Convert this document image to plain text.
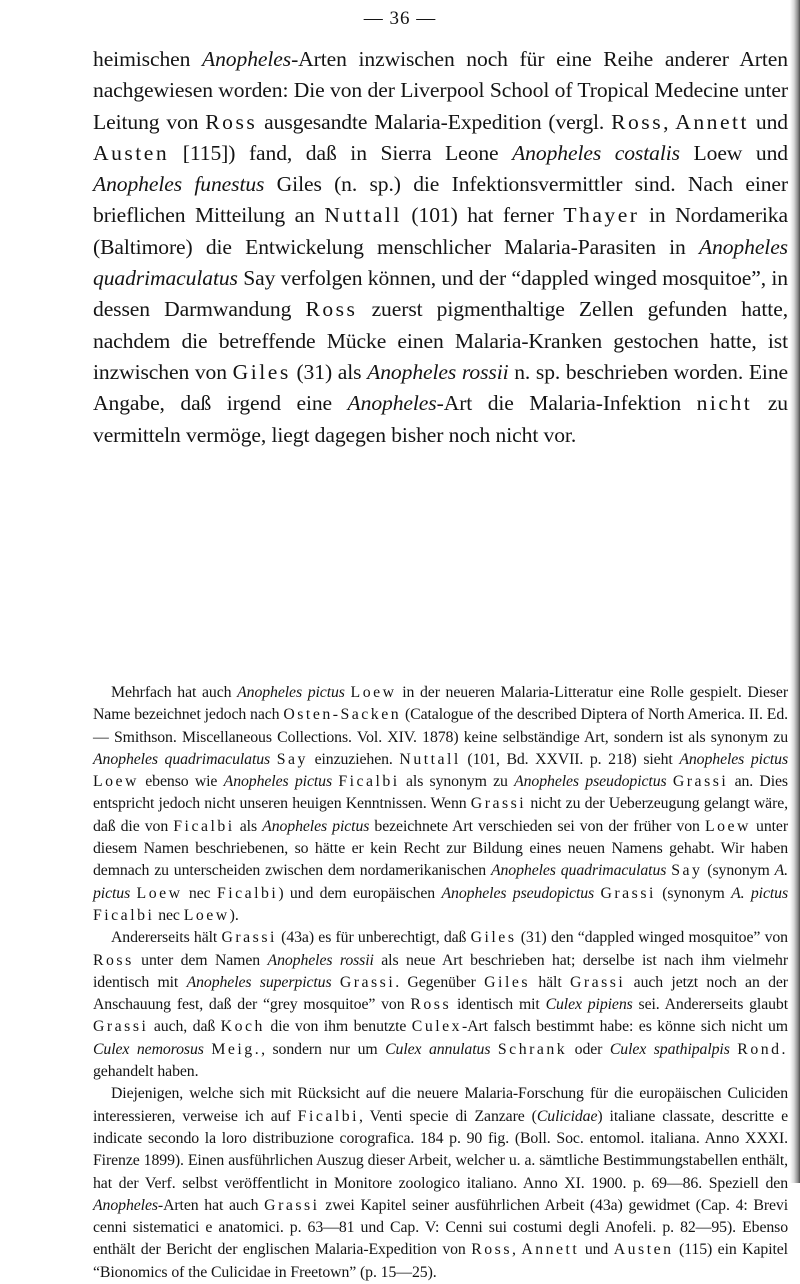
— 36 —

heimischen Anopheles-Arten inzwischen noch für eine Reihe anderer Arten nachgewiesen worden: Die von der Liverpool School of Tropical Medecine unter Leitung von Ross ausgesandte Malaria-Expedition (vergl. Ross, Annett und Austen [115]) fand, daß in Sierra Leone Anopheles costalis Loew und Anopheles funestus Giles (n. sp.) die Infektionsvermittler sind. Nach einer brieflichen Mitteilung an Nuttall (101) hat ferner Thayer in Nordamerika (Baltimore) die Entwickelung menschlicher Malaria-Parasiten in Anopheles quadrimaculatus Say verfolgen können, und der “dappled winged mosquitoe”, in dessen Darmwandung Ross zuerst pigmenthaltige Zellen gefunden hatte, nachdem die betreffende Mücke einen Malaria-Kranken gestochen hatte, ist inzwischen von Giles (31) als Anopheles rossii n. sp. beschrieben worden. Eine Angabe, daß irgend eine Anopheles-Art die Malaria-Infektion nicht zu vermitteln vermöge, liegt dagegen bisher noch nicht vor.

Mehrfach hat auch Anopheles pictus Loew in der neueren Malaria-Litteratur eine Rolle gespielt. Dieser Name bezeichnet jedoch nach Osten-Sacken (Catalogue of the described Diptera of North America. II. Ed. — Smithson. Miscellaneous Collections. Vol. XIV. 1878) keine selbständige Art, sondern ist als synonym zu Anopheles quadrimaculatus Say einzuziehen. Nuttall (101, Bd. XXVII. p. 218) sieht Anopheles pictus Loew ebenso wie Anopheles pictus Ficalbi als synonym zu Anopheles pseudopictus Grassi an. Dies entspricht jedoch nicht unseren heuigen Kenntnissen. Wenn Grassi nicht zu der Ueberzeugung gelangt wäre, daß die von Ficalbi als Anopheles pictus bezeichnete Art verschieden sei von der früher von Loew unter diesem Namen beschriebenen, so hätte er kein Recht zur Bildung eines neuen Namens gehabt. Wir haben demnach zu unterscheiden zwischen dem nordamerikanischen Anopheles quadrimaculatus Say (synonym A. pictus Loew nec Ficalbi) und dem europäischen Anopheles pseudopictus Grassi (synonym A. pictus Ficalbi nec Loew).

Andererseits hält Grassi (43a) es für unberechtigt, daß Giles (31) den “dappled winged mosquitoe” von Ross unter dem Namen Anopheles rossii als neue Art beschrieben hat; derselbe ist nach ihm vielmehr identisch mit Anopheles superpictus Grassi. Gegenüber Giles hält Grassi auch jetzt noch an der Anschauung fest, daß der “grey mosquitoe” von Ross identisch mit Culex pipiens sei. Andererseits glaubt Grassi auch, daß Koch die von ihm benutzte Culex-Art falsch bestimmt habe: es könne sich nicht um Culex nemorosus Meig., sondern nur um Culex annulatus Schrank oder Culex spathipalpis Rond. gehandelt haben.

Diejenigen, welche sich mit Rücksicht auf die neuere Malaria-Forschung für die europäischen Culiciden interessieren, verweise ich auf Ficalbi, Venti specie di Zanzare (Culicidae) italiane classate, descritte e indicate secondo la loro distribuzione corografica. 184 p. 90 fig. (Boll. Soc. entomol. italiana. Anno XXXI. Firenze 1899). Einen ausführlichen Auszug dieser Arbeit, welcher u. a. sämtliche Bestimmungstabellen enthält, hat der Verf. selbst veröffentlicht in Monitore zoologico italiano. Anno XI. 1900. p. 69—86. Speziell den Anopheles-Arten hat auch Grassi zwei Kapitel seiner ausführlichen Arbeit (43a) gewidmet (Cap. 4: Brevi cenni sistematici e anatomici. p. 63—81 und Cap. V: Cenni sui costumi degli Anofeli. p. 82—95). Ebenso enthält der Bericht der englischen Malaria-Expedition von Ross, Annett und Austen (115) ein Kapitel “Bionomics of the Culicidae in Freetown” (p. 15—25).
